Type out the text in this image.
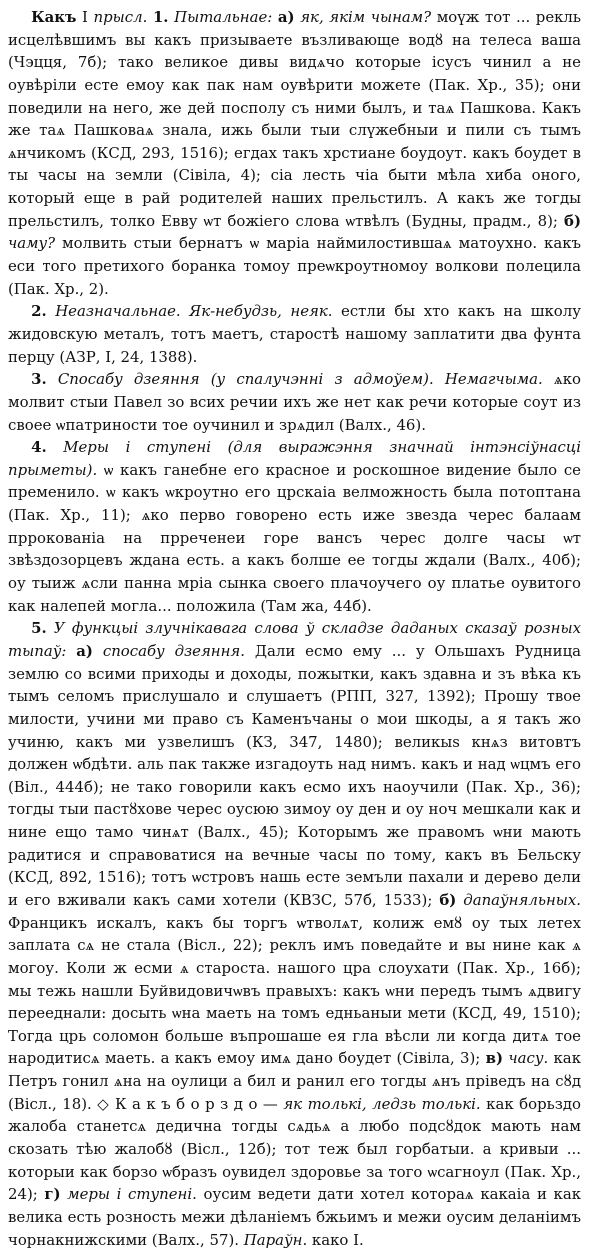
Какъ І прысл. 1. Пытальнае: а) як, якім чынам? моүж тот ... рекль исцелѣвшимъ вы какъ призываете възливающе водȣ на телеса ваша (Чэцця, 7б); тако великое дивы видѧчо которые ісусъ чинил а не оувѣріли есте емоу как пак нам оувѣрити можете (Пак. Хр., 35); они поведили на него, же дей посполу съ ними былъ, и таѧ Пашкова. Какъ же таѧ Пашковаѧ знала, ижь были тыи слүжебныи и пили съ тымъ ѧнчикомъ (КСД, 293, 1516); егдах такъ хрстиане боудоут. какъ боудет в ты часы на земли (Сівіла, 4); сіа лесть чіа быти мѣла хиба оного, который еще в рай родителей наших прельстилъ. А какъ же тогды прельстилъ, толко Евву ѡт божіего слова ѡтвѣлъ (Будны, прадм., 8); б) чаму? молвить стыи бернатъ ѡ маріа наймилостившаѧ матоухно. какъ еси того претихого боранка томоу преѡкроутномоу волкови полецила (Пак. Хр., 2).

2. Неазначальнае. Як-небудзь, неяк. естли бы хто какъ на школу жидовскую металъ, тотъ маетъ, старостѣ нашому заплатити два фунта перцу (АЗР, І, 24, 1388).

3. Спосабу дзеяння (у спалучэнні з адмоўем). Немагчыма. ѧко молвит стыи Павел зо всих речии ихъ же нет как речи которые соут из своее ѡпатриности тое оучинил и зрѧдил (Валх., 46).

4. Меры і ступені (для выражэння значнай інтэнсіўнасці прыметы). ѡ какъ ганебне его красное и роскошное видение было се пременило. ѡ какъ ѡкроутно его црскаіа велможность была потоптана (Пак. Хр., 11); ѧко перво говорено есть иже звезда черес балаам пррокованіа на прреченеи горе вансъ черес долге часы ѡт звѣздозорцевъ ждана есть. а какъ болше ее тогды ждали (Валх., 40б); оу тыиж ѧсли панна мріа сынка своего плачоучего оу платье оувитого как налепей могла... положила (Там жа, 44б).

5. У функцыі злучнікавага слова ў складзе даданых сказаў розных тыпаў: а) спосабу дзеяння. Дали есмо ему ... у Ольшахъ Рудница землю со всими приходы и доходы, пожытки, какъ здавна и зъ вѣка къ тымъ селомъ прислушало и слушаетъ (РПП, 327, 1392); Прошу твое милости, учини ми право съ Каменъчаны о мои шкоды, а я такъ жо учиню, какъ ми узвелишъ (КЗ, 347, 1480); великыѕ кнѧз витовтъ должен ѡбдѣти. аль пак также изгадоуть над нимъ. какъ и над ѡцмъ его (Віл., 444б); не тако говорили какъ есмо ихъ наоучили (Пак. Хр., 36); тогды тыи пастȣхове черес оусюю зимоу оу ден и оу ноч мешкали как и нине ещо тамо чинѧт (Валх., 45); Которымъ же правомъ ѡни мають радитися и справоватися на вечные часы по тому, какъ въ Бельску (КСД, 892, 1516); тотъ ѡстровъ нашь есте земъли пахали и дерево дели и его вживали какъ сами хотели (КВЗС, 57б, 1533); б) дапаўняльных. Францикъ искалъ, какъ бы торгъ ѡтволѧт, колиж емȣ оу тых летех заплата сѧ не стала (Вісл., 22); реклъ имъ поведайте и вы нине как ѧ могоу. Коли ж есми ѧ староста. нашого цра слоухати (Пак. Хр., 16б); мы тежь нашли Буйвидовичѡвъ правыхъ: какъ ѡни передъ тымъ ѧдвигу перееднали: досыть ѡна маеть на томъ едньаныи мети (КСД, 49, 1510); Тогда црь соломон больше въпрошаше ея гла вѣсли ли когда дитѧ тое народитисѧ маеть. а какъ емоу имѧ дано боудет (Сівіла, 3); в) часу. как Петръ гонил ѧна на оулици а бил и ранил его тогды ѧнъ прiведъ на сȣд (Вісл., 18). ◇ К а к ъ б о р з д о — як толькі, ледзь толькі. как борьздо жалоба станетсѧ дедична тогды сѧдьѧ а любо подсȣдок мають нам скозать тѣю жалобȣ (Вісл., 12б); тот теж был горбатыи. а кривыи ... которыи как борзо ѡбразъ оувидел здоровье за того ѡсагноул (Пак. Хр., 24); г) меры і ступені. оусим ведети дати хотел котораѧ какаіа и как велика есть розность межи дѣланіемъ бжьимъ и межи оусим деланіимъ чорнакнижскими (Валх., 57). Параўн. како І.
